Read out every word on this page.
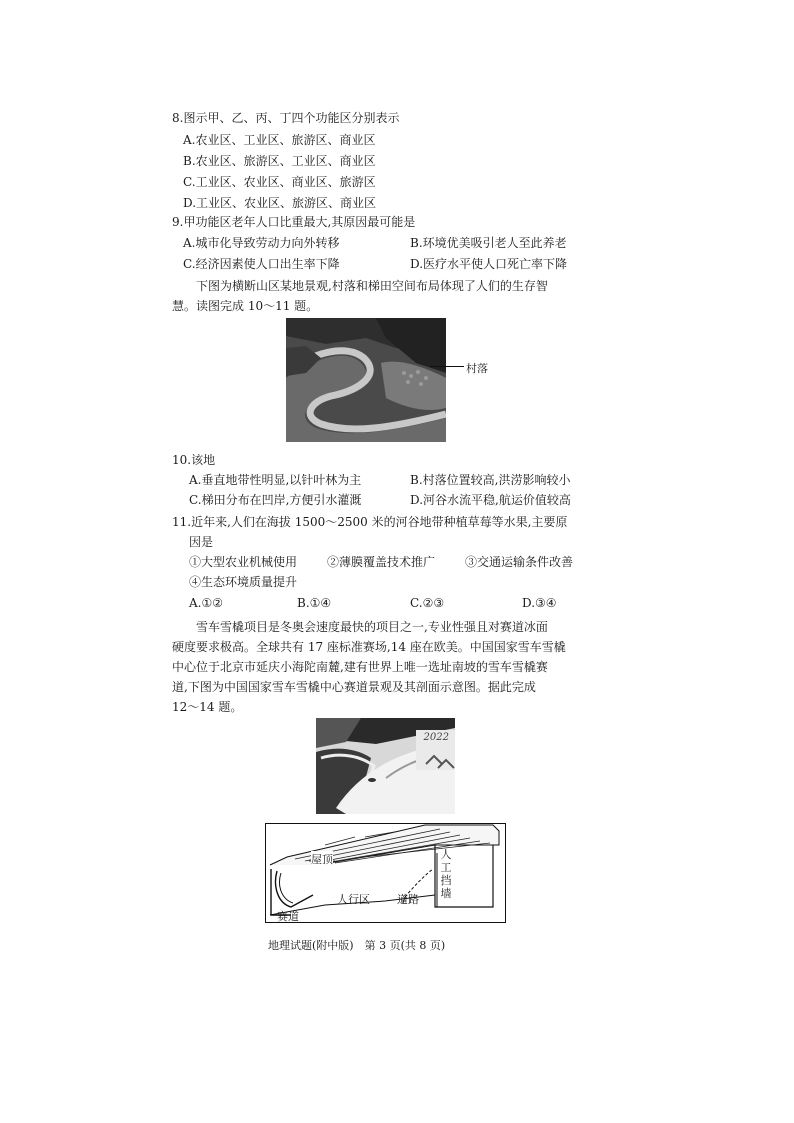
8.图示甲、乙、丙、丁四个功能区分别表示
A.农业区、工业区、旅游区、商业区
B.农业区、旅游区、工业区、商业区
C.工业区、农业区、商业区、旅游区
D.工业区、农业区、旅游区、商业区
9.甲功能区老年人口比重最大,其原因最可能是
A.城市化导致劳动力向外转移	B.环境优美吸引老人至此养老
C.经济因素使人口出生率下降	D.医疗水平使人口死亡率下降
下图为横断山区某地景观,村落和梯田空间布局体现了人们的生存智
慧。读图完成 10～11 题。
村落
10.该地
A.垂直地带性明显,以针叶林为主	B.村落位置较高,洪涝影响较小
C.梯田分布在凹岸,方便引水灌溉	D.河谷水流平稳,航运价值较高
11.近年来,人们在海拔 1500～2500 米的河谷地带种植草莓等水果,主要原
因是
①大型农业机械使用 ②薄膜覆盖技术推广 ③交通运输条件改善
④生态环境质量提升
A.①②	B.①④	C.②③	D.③④
雪车雪橇项目是冬奥会速度最快的项目之一,专业性强且对赛道冰面
硬度要求极高。全球共有 17 座标准赛场,14 座在欧美。中国国家雪车雪橇
中心位于北京市延庆小海陀南麓,建有世界上唯一选址南坡的雪车雪橇赛
道,下图为中国国家雪车雪橇中心赛道景观及其剖面示意图。据此完成
12～14 题。
2022
屋顶	人
工
挡
墙
人行区 道路
赛道
地理试题(附中版)　第 3 页(共 8 页)
